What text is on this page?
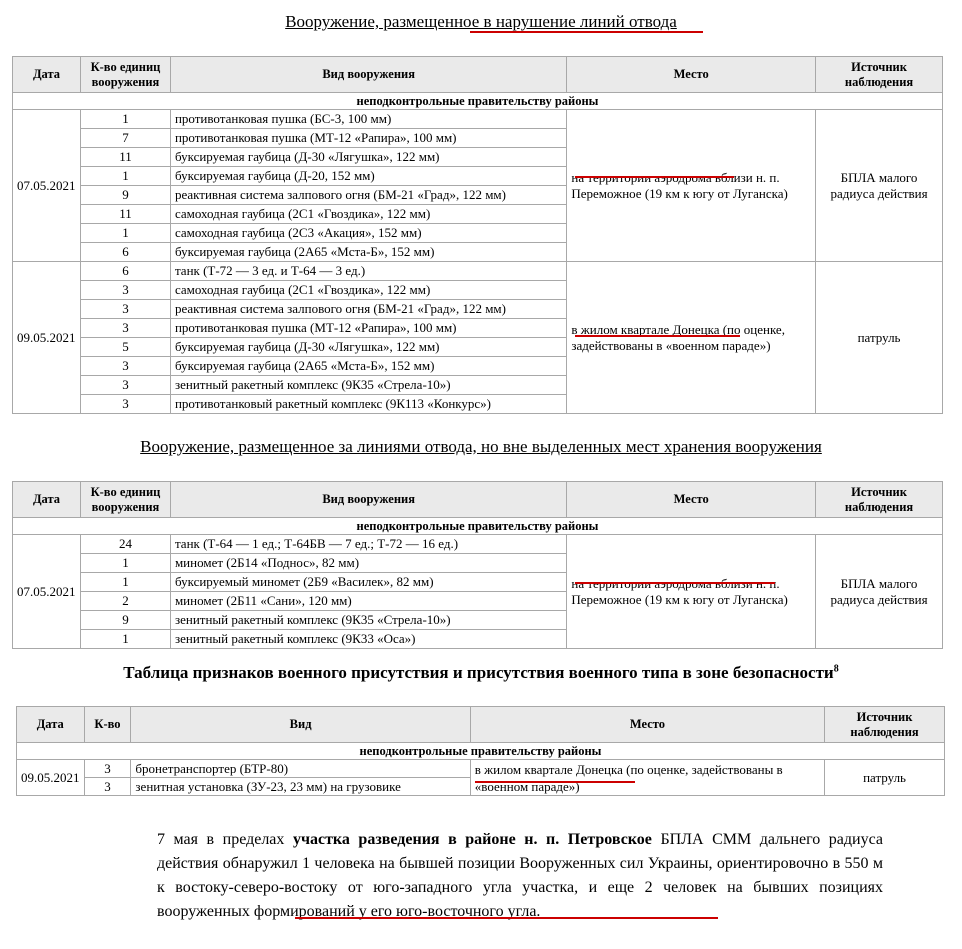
Вооружение, размещенное в нарушение линий отвода
Дата	К-во единиц вооружения	Вид вооружения	Место	Источник наблюдения
неподконтрольные правительству районы				
07.05.2021	1	противотанковая пушка (БС-3, 100 мм)	на территории аэродрома вблизи н. п. Переможное (19 км к югу от Луганска)	БПЛА малого радиуса действия
	7	противотанковая пушка (МТ-12 «Рапира», 100 мм)		
	11	буксируемая гаубица (Д-30 «Лягушка», 122 мм)		
	1	буксируемая гаубица (Д-20, 152 мм)		
	9	реактивная система залпового огня (БМ-21 «Град», 122 мм)		
	11	самоходная гаубица (2С1 «Гвоздика», 122 мм)		
	1	самоходная гаубица (2С3 «Акация», 152 мм)		
	6	буксируемая гаубица (2А65 «Мста-Б», 152 мм)		
09.05.2021	6	танк (Т-72 — 3 ед. и Т-64 — 3 ед.)	в жилом квартале Донецка (по оценке, задействованы в «военном параде»)	патруль
	3	самоходная гаубица (2С1 «Гвоздика», 122 мм)		
	3	реактивная система залпового огня (БМ-21 «Град», 122 мм)		
	3	противотанковая пушка (МТ-12 «Рапира», 100 мм)		
	5	буксируемая гаубица (Д-30 «Лягушка», 122 мм)		
	3	буксируемая гаубица (2А65 «Мста-Б», 152 мм)		
	3	зенитный ракетный комплекс (9К35 «Стрела-10»)		
	3	противотанковый ракетный комплекс (9К113 «Конкурс»)		
Вооружение, размещенное за линиями отвода, но вне выделенных мест хранения вооружения
Дата	К-во единиц вооружения	Вид вооружения	Место	Источник наблюдения
неподконтрольные правительству районы				
07.05.2021	24	танк (Т-64 — 1 ед.; Т-64БВ — 7 ед.; Т-72 — 16 ед.)	на территории аэродрома вблизи н. п. Переможное (19 км к югу от Луганска)	БПЛА малого радиуса действия
	1	миномет (2Б14 «Поднос», 82 мм)		
	1	буксируемый миномет (2Б9 «Василек», 82 мм)		
	2	миномет (2Б11 «Сани», 120 мм)		
	9	зенитный ракетный комплекс (9К35 «Стрела-10»)		
	1	зенитный ракетный комплекс (9К33 «Оса»)		
Таблица признаков военного присутствия и присутствия военного типа в зоне безопасности$^8$
Дата	К-во	Вид	Место	Источник наблюдения
неподконтрольные правительству районы				
09.05.2021	3	бронетранспортер (БТР-80)	в жилом квартале Донецка (по оценке, задействованы в «военном параде»)	патруль
	3	зенитная установка (ЗУ-23, 23 мм) на грузовике		
7 мая в пределах участка разведения в районе н. п. Петровское БПЛА СММ дальнего радиуса действия обнаружил 1 человека на бывшей позиции Вооруженных сил Украины, ориентировочно в 550 м к востоку-северо-востоку от юго-западного угла участка, и еще 2 человек на бывших позициях вооруженных формирований у его юго-восточного угла.
